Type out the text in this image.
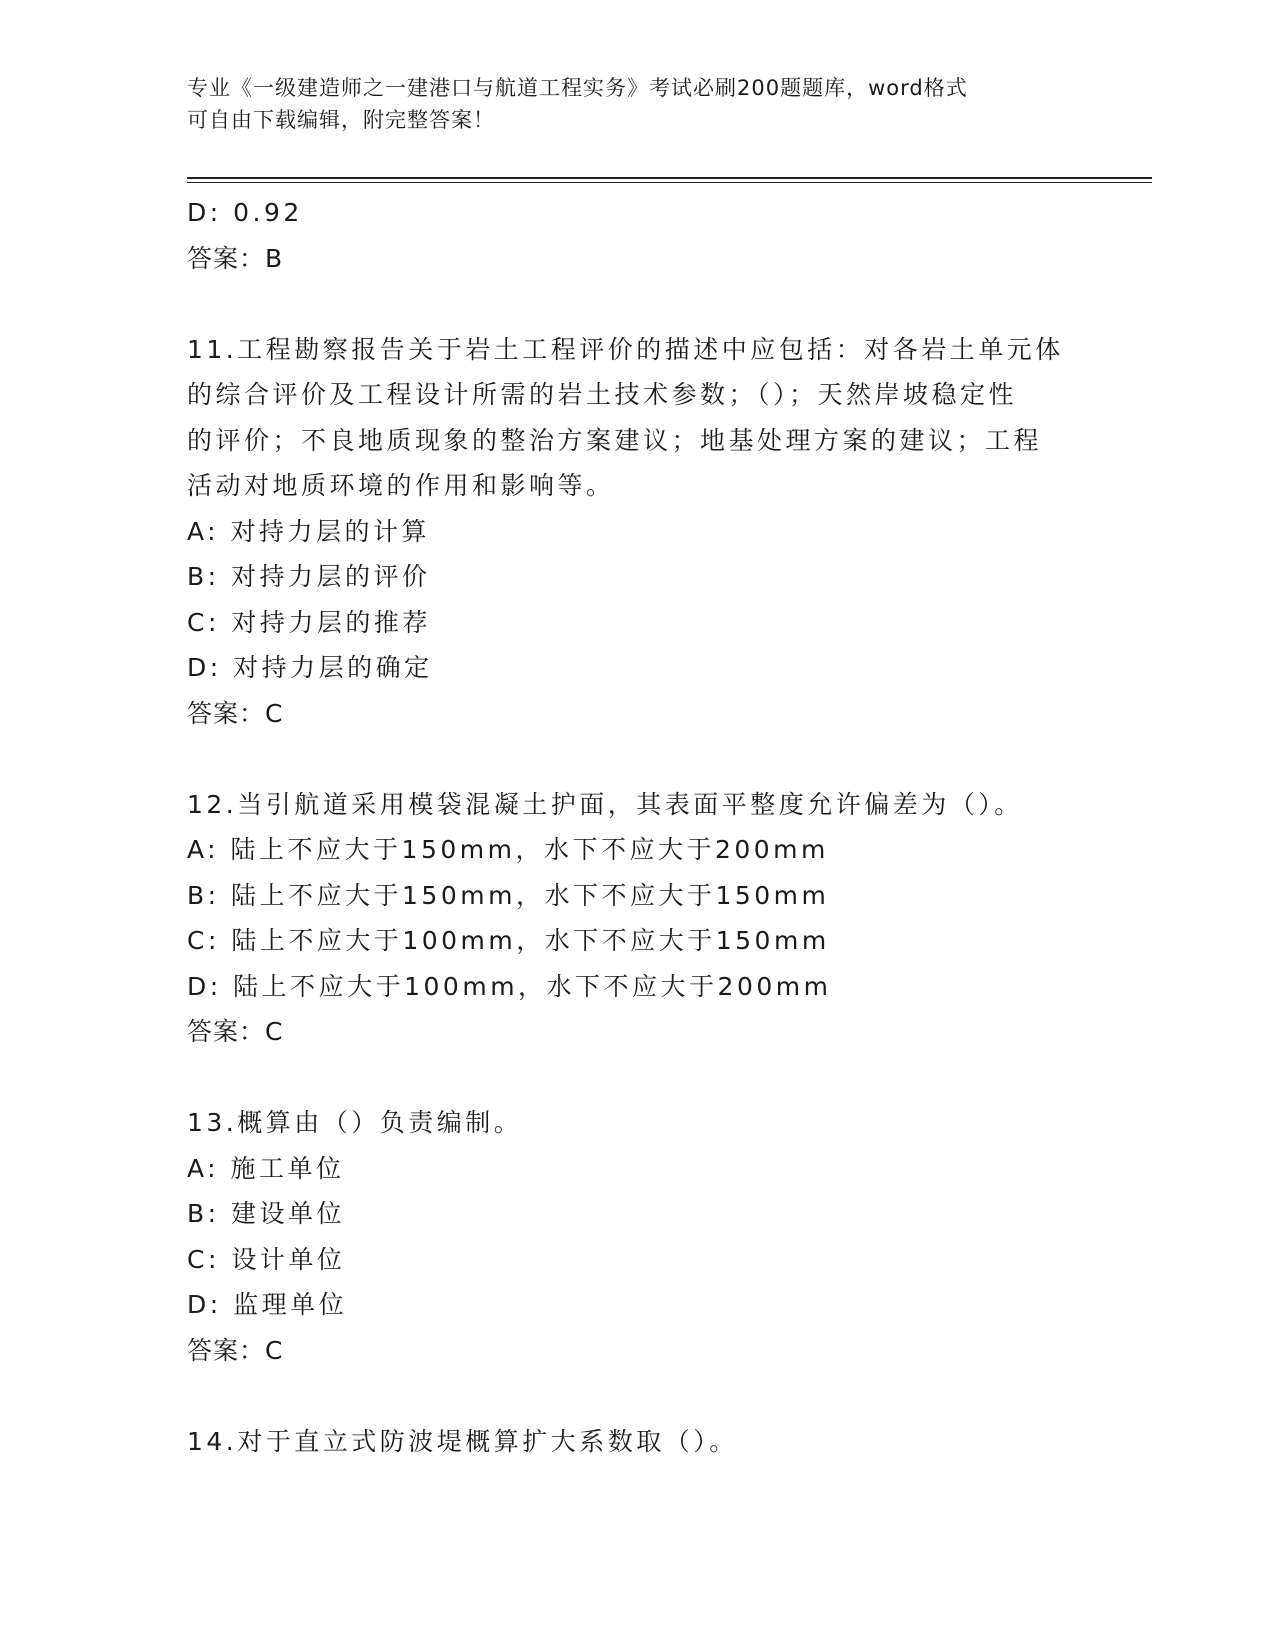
专业《一级建造师之一建港口与航道工程实务》考试必刷200题题库，word格式
可自由下载编辑，附完整答案！
D: 0.92
答案：B
11.工程勘察报告关于岩土工程评价的描述中应包括：对各岩土单元体
的综合评价及工程设计所需的岩土技术参数；（）；天然岸坡稳定性
的评价；不良地质现象的整治方案建议；地基处理方案的建议；工程
活动对地质环境的作用和影响等。
A: 对持力层的计算
B: 对持力层的评价
C: 对持力层的推荐
D: 对持力层的确定
答案：C
12.当引航道采用模袋混凝土护面，其表面平整度允许偏差为（）。
A: 陆上不应大于150mm，水下不应大于200mm
B: 陆上不应大于150mm，水下不应大于150mm
C: 陆上不应大于100mm，水下不应大于150mm
D: 陆上不应大于100mm，水下不应大于200mm
答案：C
13.概算由（）负责编制。
A: 施工单位
B: 建设单位
C: 设计单位
D: 监理单位
答案：C
14.对于直立式防波堤概算扩大系数取（）。
